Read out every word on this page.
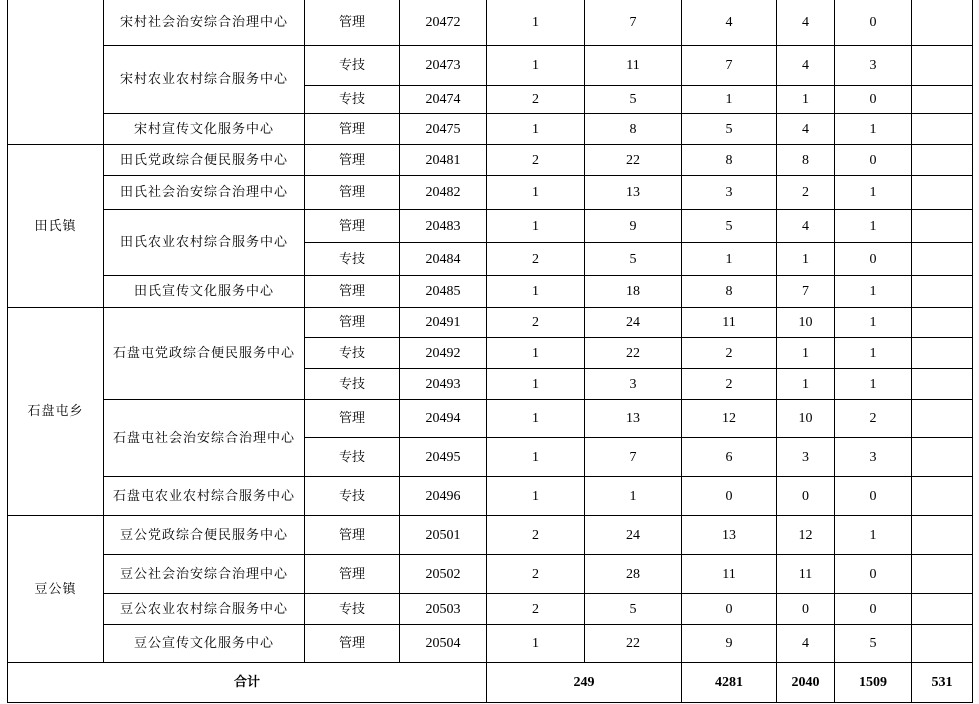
	宋村社会治安综合治理中心	管理	20472	1	7	4	4	0		
	宋村农业农村综合服务中心	专技	20473	1	11	7	4	3		
		专技	20474	2	5	1	1	0		
	宋村宣传文化服务中心	管理	20475	1	8	5	4	1		
田氏镇	田氏党政综合便民服务中心	管理	20481	2	22	8	8	0		
	田氏社会治安综合治理中心	管理	20482	1	13	3	2	1		
	田氏农业农村综合服务中心	管理	20483	1	9	5	4	1		
		专技	20484	2	5	1	1	0		
	田氏宣传文化服务中心	管理	20485	1	18	8	7	1		
石盘屯乡	石盘屯党政综合便民服务中心	管理	20491	2	24	11	10	1		
		专技	20492	1	22	2	1	1		
		专技	20493	1	3	2	1	1		
	石盘屯社会治安综合治理中心	管理	20494	1	13	12	10	2		
		专技	20495	1	7	6	3	3		
	石盘屯农业农村综合服务中心	专技	20496	1	1	0	0	0		
豆公镇	豆公党政综合便民服务中心	管理	20501	2	24	13	12	1		
	豆公社会治安综合治理中心	管理	20502	2	28	11	11	0		
	豆公农业农村综合服务中心	专技	20503	2	5	0	0	0		
	豆公宣传文化服务中心	管理	20504	1	22	9	4	5		
合计				249		4281	2040	1509	531	
